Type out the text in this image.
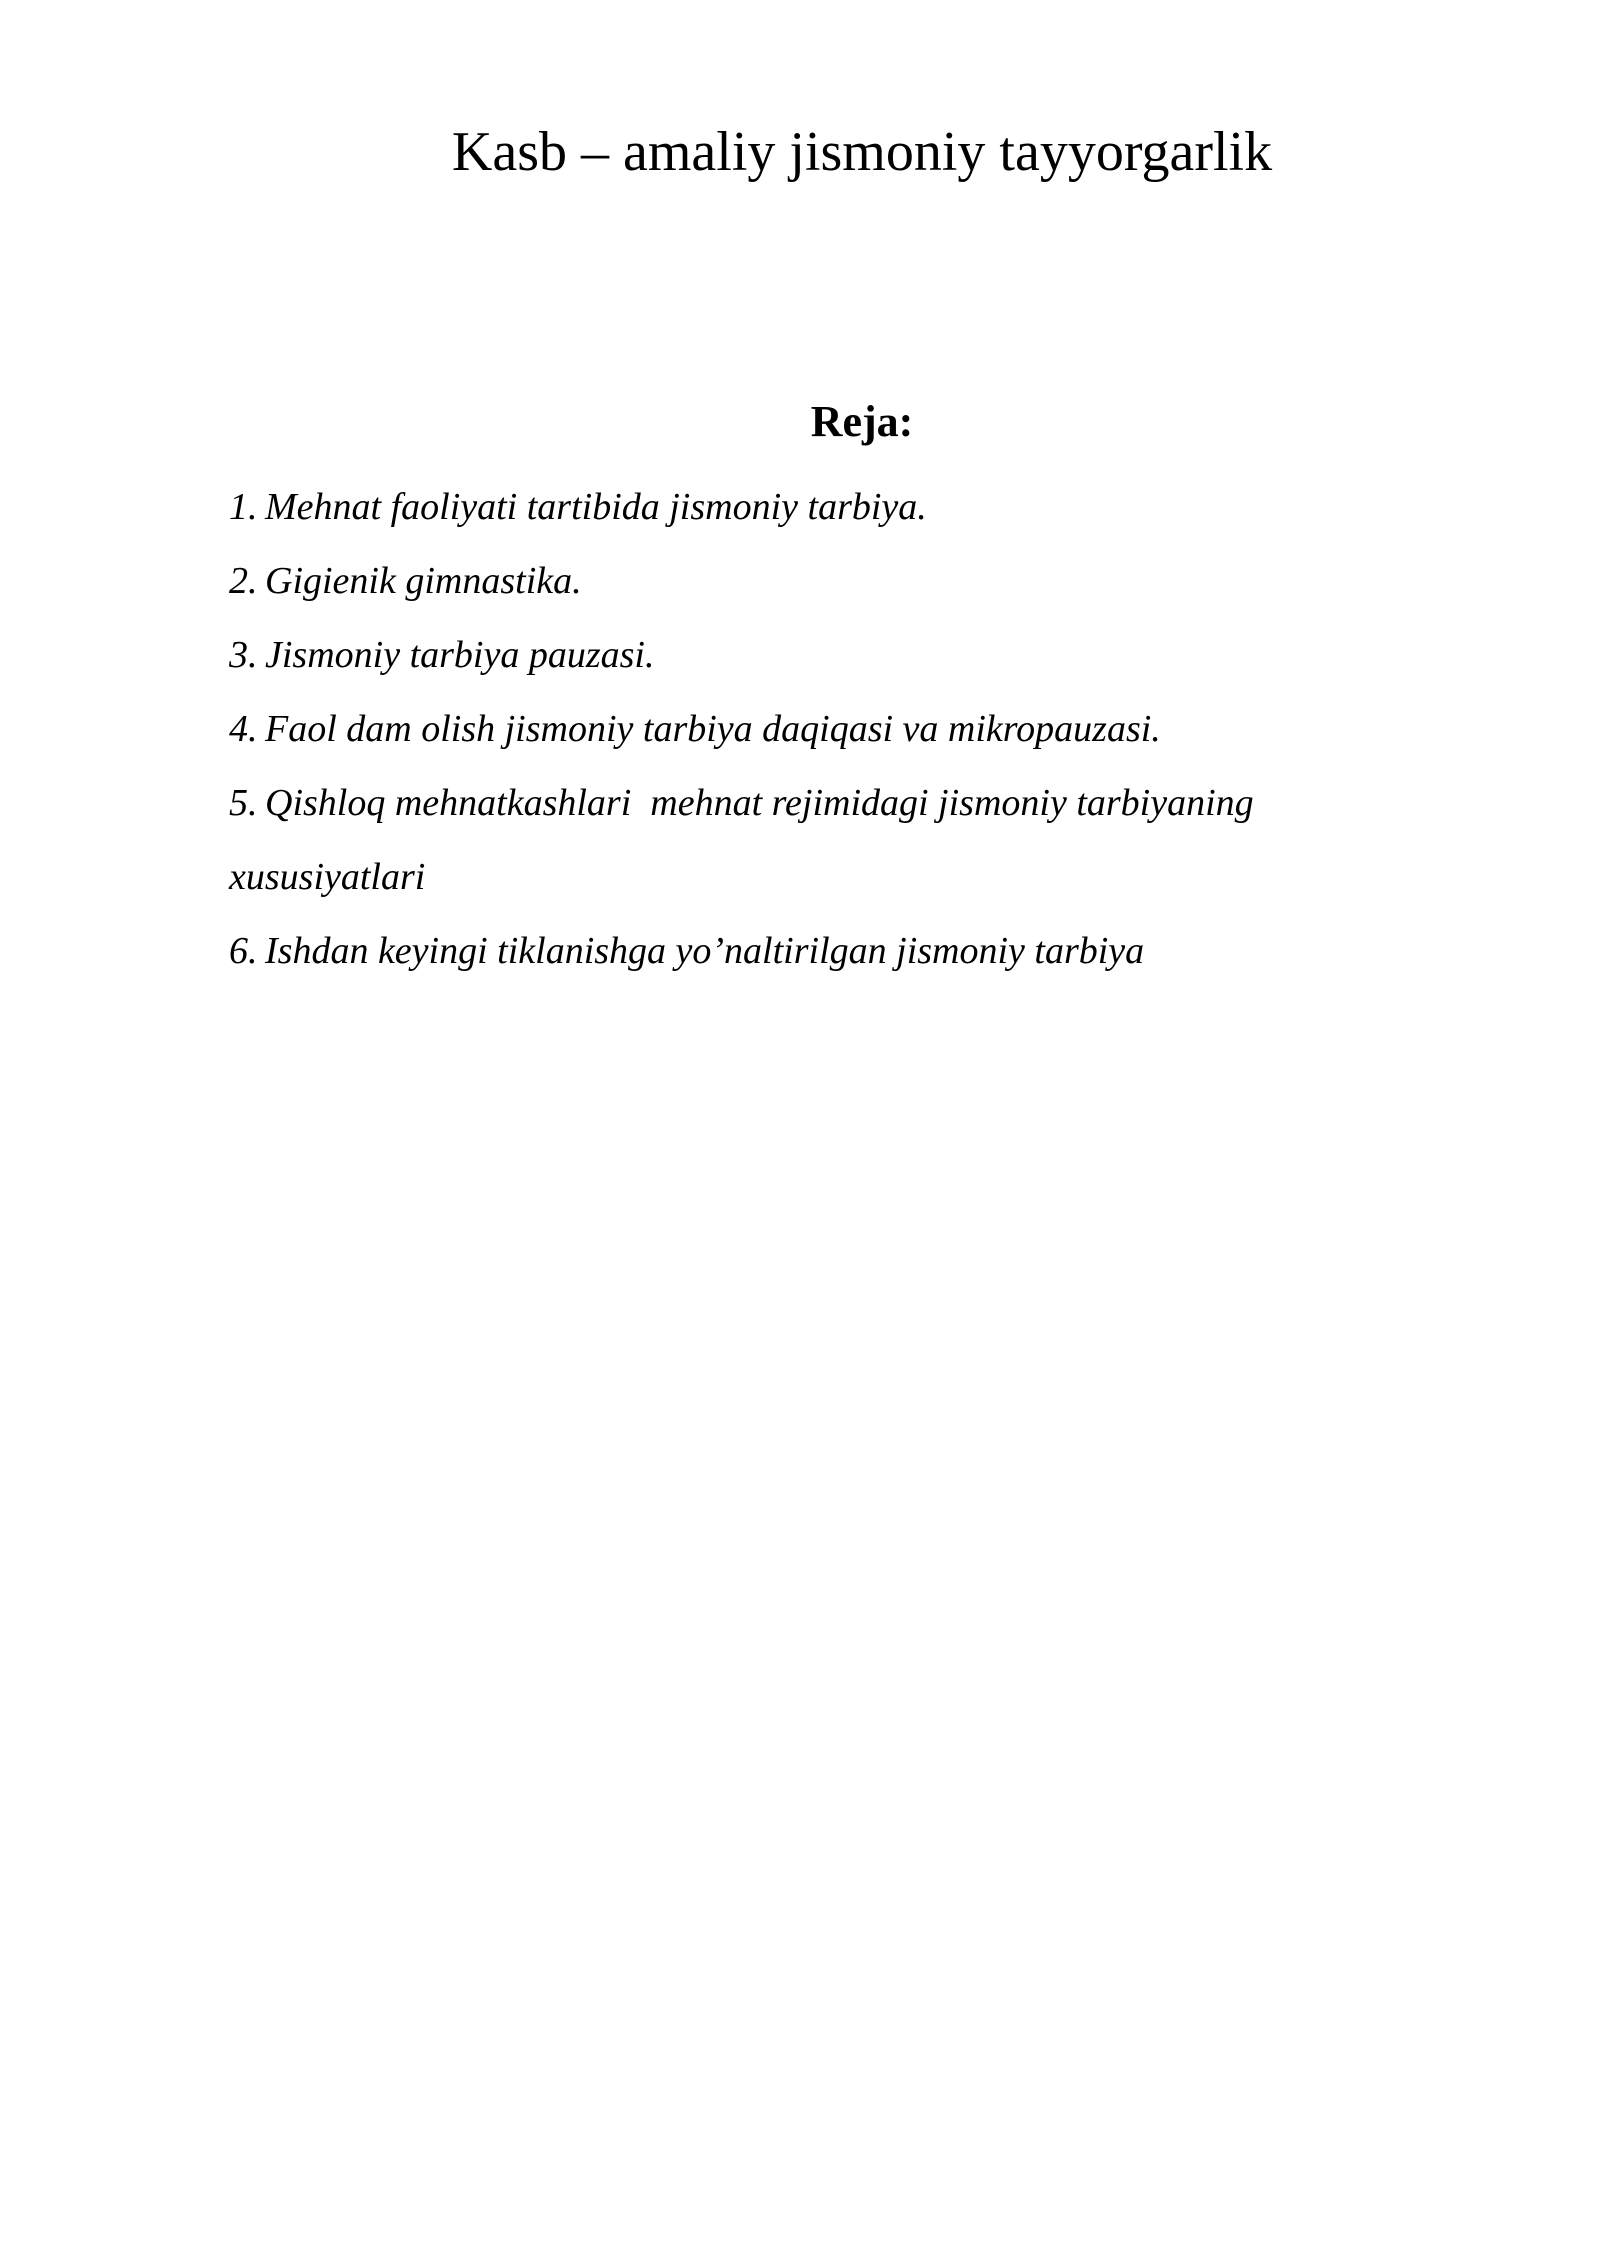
Kasb – amaliy jismoniy tayyorgarlik
Reja:
1. Mehnat faoliyati tartibida jismoniy tarbiya.
2. Gigienik gimnastika.
3. Jismoniy tarbiya pauzasi.
4. Faol dam olish jismoniy tarbiya daqiqasi va mikropauzasi.
5. Qishloq mehnatkashlari  mehnat rejimidagi jismoniy tarbiyaning
xususiyatlari
6. Ishdan keyingi tiklanishga yo’naltirilgan jismoniy tarbiya
